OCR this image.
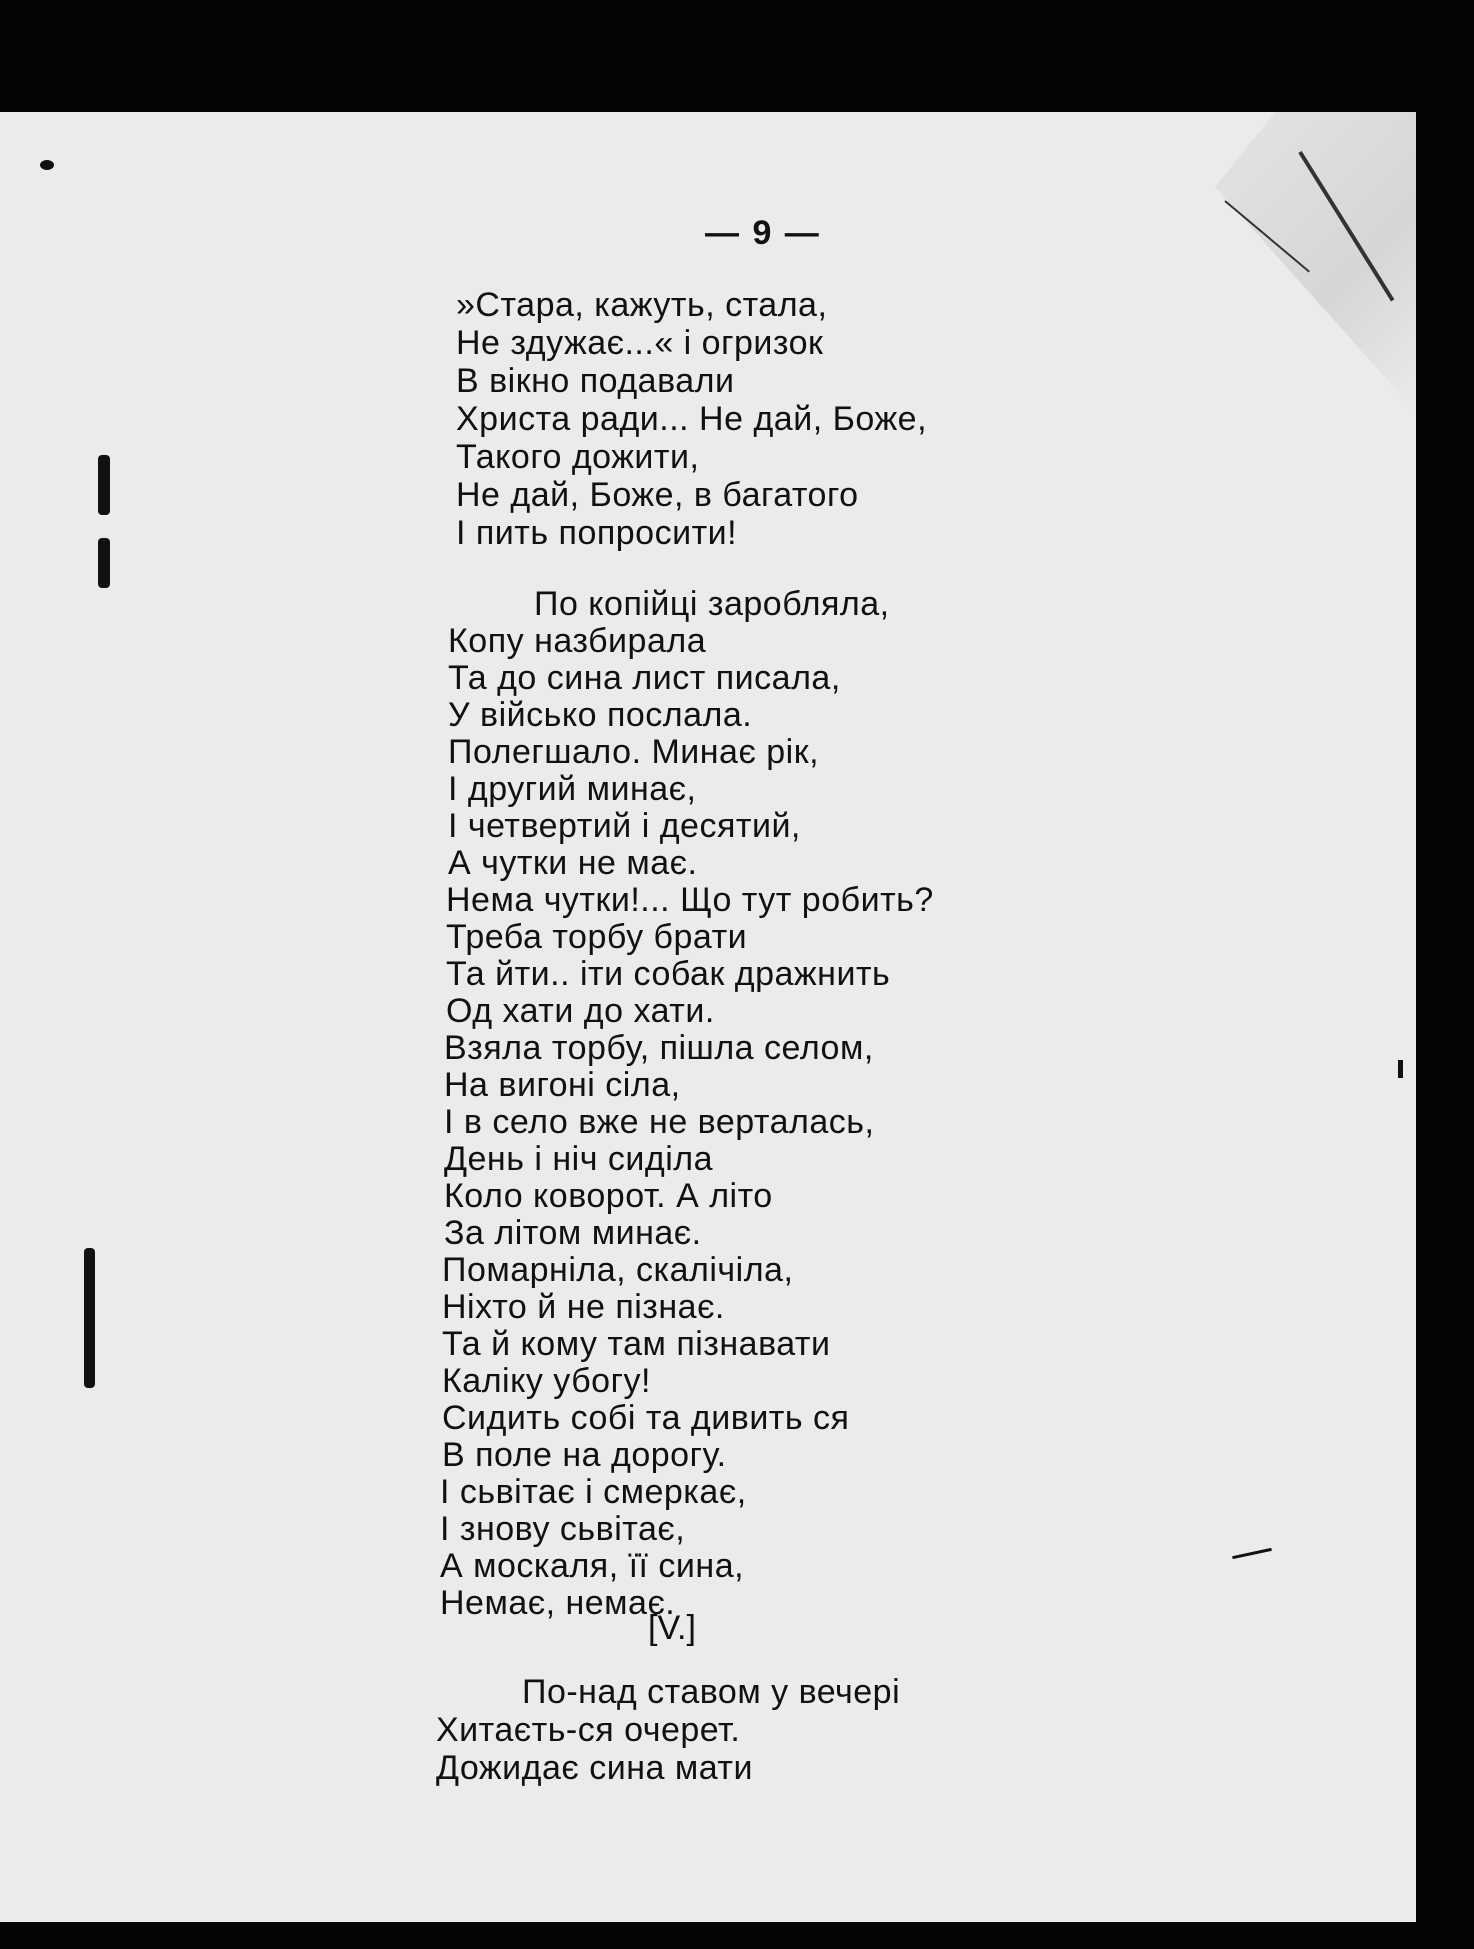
— 9 —
»Стара, кажуть, стала,
Не здужає...« і огризок
В вікно подавали
Христа ради... Не дай, Боже,
Такого дожити,
Не дай, Боже, в багатого
І пить попросити!
По копійці заробляла,
Копу назбирала
Та до сина лист писала,
У військо послала.
Полегшало. Минає рік,
І другий минає,
І четвертий і десятий,
А чутки не має.
Нема чутки!... Що тут робить?
Треба торбу брати
Та йти.. іти собак дражнить
Од хати до хати.
Взяла торбу, пішла селом,
На вигоні сіла,
І в село вже не верталась,
День і ніч сиділа
Коло коворот. А літо
За літом минає.
Помарніла, скалічіла,
Ніхто й не пізнає.
Та й кому там пізнавати
Каліку убогу!
Сидить собі та дивить ся
В поле на дорогу.
І сьвітає і смеркає,
І знову сьвітає,
А москаля, її сина,
Немає, немає.
[V.]
По-над ставом у вечері
Хитаєть-ся очерет.
Дожидає сина мати
